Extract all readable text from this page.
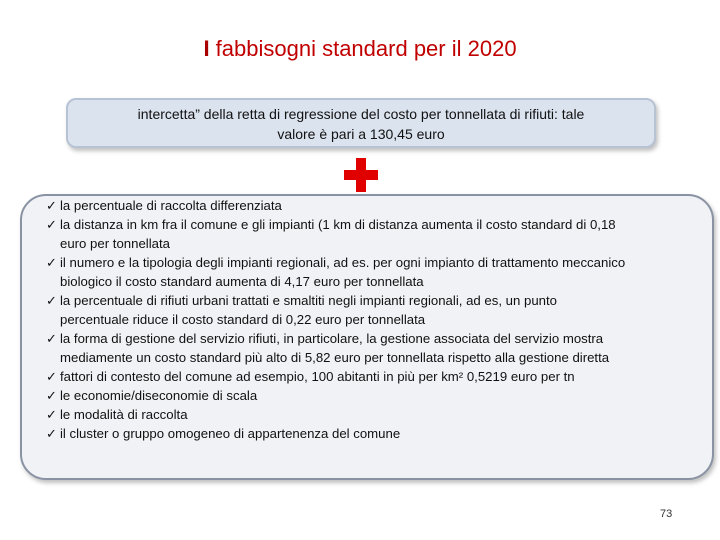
I fabbisogni standard per il 2020
intercetta” della retta di regressione del costo per tonnellata di rifiuti: tale
valore è pari a 130,45 euro
✓ la percentuale di raccolta differenziata
✓ la distanza in km fra il comune e gli impianti (1 km di distanza aumenta il costo standard di 0,18
euro per tonnellata
✓ il numero e la tipologia degli impianti regionali, ad es. per ogni impianto di trattamento meccanico
biologico il costo standard aumenta di 4,17 euro per tonnellata
✓ la percentuale di rifiuti urbani trattati e smaltiti negli impianti regionali, ad es, un punto
percentuale riduce il costo standard di 0,22 euro per tonnellata
✓ la forma di gestione del servizio rifiuti, in particolare, la gestione associata del servizio mostra
mediamente un costo standard più alto di 5,82 euro per tonnellata rispetto alla gestione diretta
✓ fattori di contesto del comune ad esempio, 100 abitanti in più per km² 0,5219 euro per tn
✓ le economie/diseconomie di scala
✓ le modalità di raccolta
✓ il cluster o gruppo omogeneo di appartenenza del comune
73
